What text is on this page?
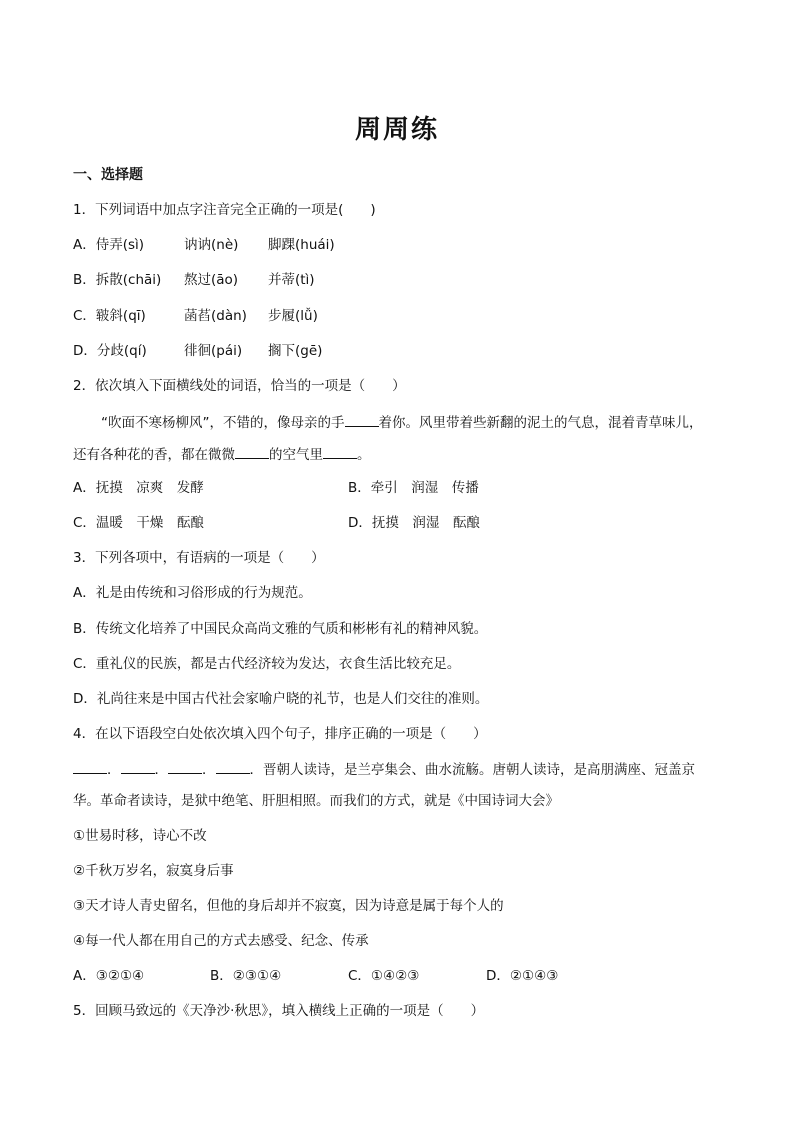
周周练
一、选择题
1．下列词语中加点字注音完全正确的一项是(　　)
A．侍弄(sì)	讷讷(nè) 脚踝(huái)
B．拆散(chāi) 熬过(āo) 并蒂(tì)
C．皲斜(qī)	菡萏(dàn) 步履(lǚ)
D．分歧(qí)	徘徊(pái) 搁下(gē)
2．依次填入下面横线处的词语，恰当的一项是（　　）
“吹面不寒杨柳风”，不错的，像母亲的手	着你。风里带着些新翻的泥土的气息，混着青草味儿，
还有各种花的香，都在微微	的空气里	。
A．抚摸　凉爽　发酵	B．牵引　润湿　传播
C．温暖　干燥　酝酿	D．抚摸　润湿　酝酿
3．下列各项中，有语病的一项是（　　）
A．礼是由传统和习俗形成的行为规范。
B．传统文化培养了中国民众高尚文雅的气质和彬彬有礼的精神风貌。
C．重礼仪的民族，都是古代经济较为发达，衣食生活比较充足。
D．礼尚往来是中国古代社会家喻户晓的礼节，也是人们交往的准则。
4．在以下语段空白处依次填入四个句子，排序正确的一项是（　　）
．	．	．	．晋朝人读诗，是兰亭集会、曲水流觞。唐朝人读诗，是高朋满座、冠盖京
华。革命者读诗，是狱中绝笔、肝胆相照。而我们的方式，就是《中国诗词大会》
①世易时移，诗心不改
②千秋万岁名，寂寞身后事
③天才诗人青史留名，但他的身后却并不寂寞，因为诗意是属于每个人的
④每一代人都在用自己的方式去感受、纪念、传承
A．③②①④	B．②③①④	C．①④②③	D．②①④③
5．回顾马致远的《天净沙·秋思》，填入横线上正确的一项是（　　）
